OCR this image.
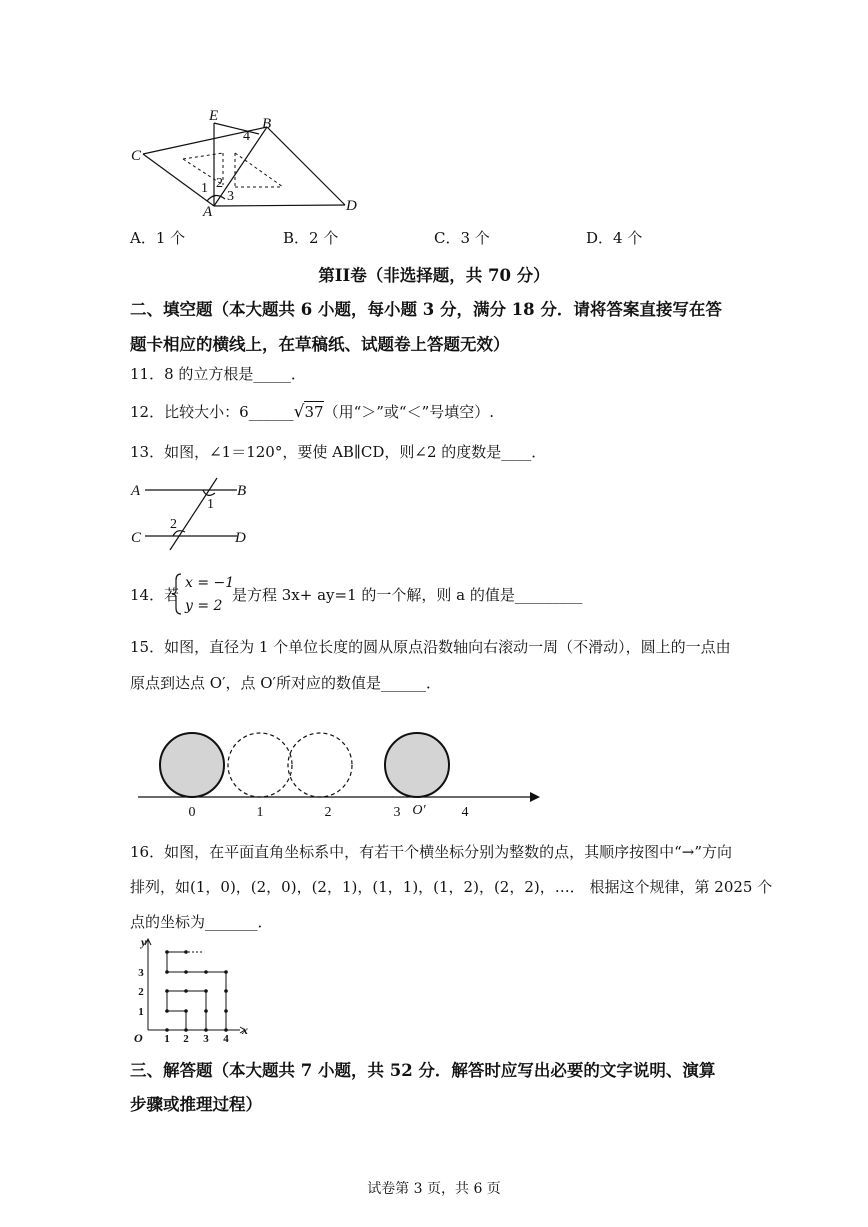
E	B
C
A	D
1 2
3
4
A．1 个	B．2 个	C．3 个	D．4 个
第II卷（非选择题，共 70 分）
二、填空题（本大题共 6 小题，每小题 3 分，满分 18 分．请将答案直接写在答
题卡相应的横线上，在草稿纸、试题卷上答题无效）
11．8 的立方根是_____．
12．比较大小：6______√37（用“＞”或“＜”号填空）.
13．如图，∠1＝120°，要使 AB∥CD，则∠2 的度数是____．
A	B
C	D
1
2
14．若
x = −1
y = 2
是方程 3x+ ay=1 的一个解，则 a 的值是_________
15．如图，直径为 1 个单位长度的圆从原点沿数轴向右滚动一周（不滑动），圆上的一点由
原点到达点 O′，点 O′所对应的数值是______．
0	1	2	3	4
O′
16．如图，在平面直角坐标系中，有若干个横坐标分别为整数的点，其顺序按图中“→”方向
排列，如(1，0)，(2，0)，(2，1)，(1，1)，(1，2)，(2，2)，…． 根据这个规律，第 2025 个
点的坐标为_______．
1 2 3 4
1
2
3
x
y
O
三、解答题（本大题共 7 小题，共 52 分．解答时应写出必要的文字说明、演算
步骤或推理过程）
试卷第 3 页，共 6 页
